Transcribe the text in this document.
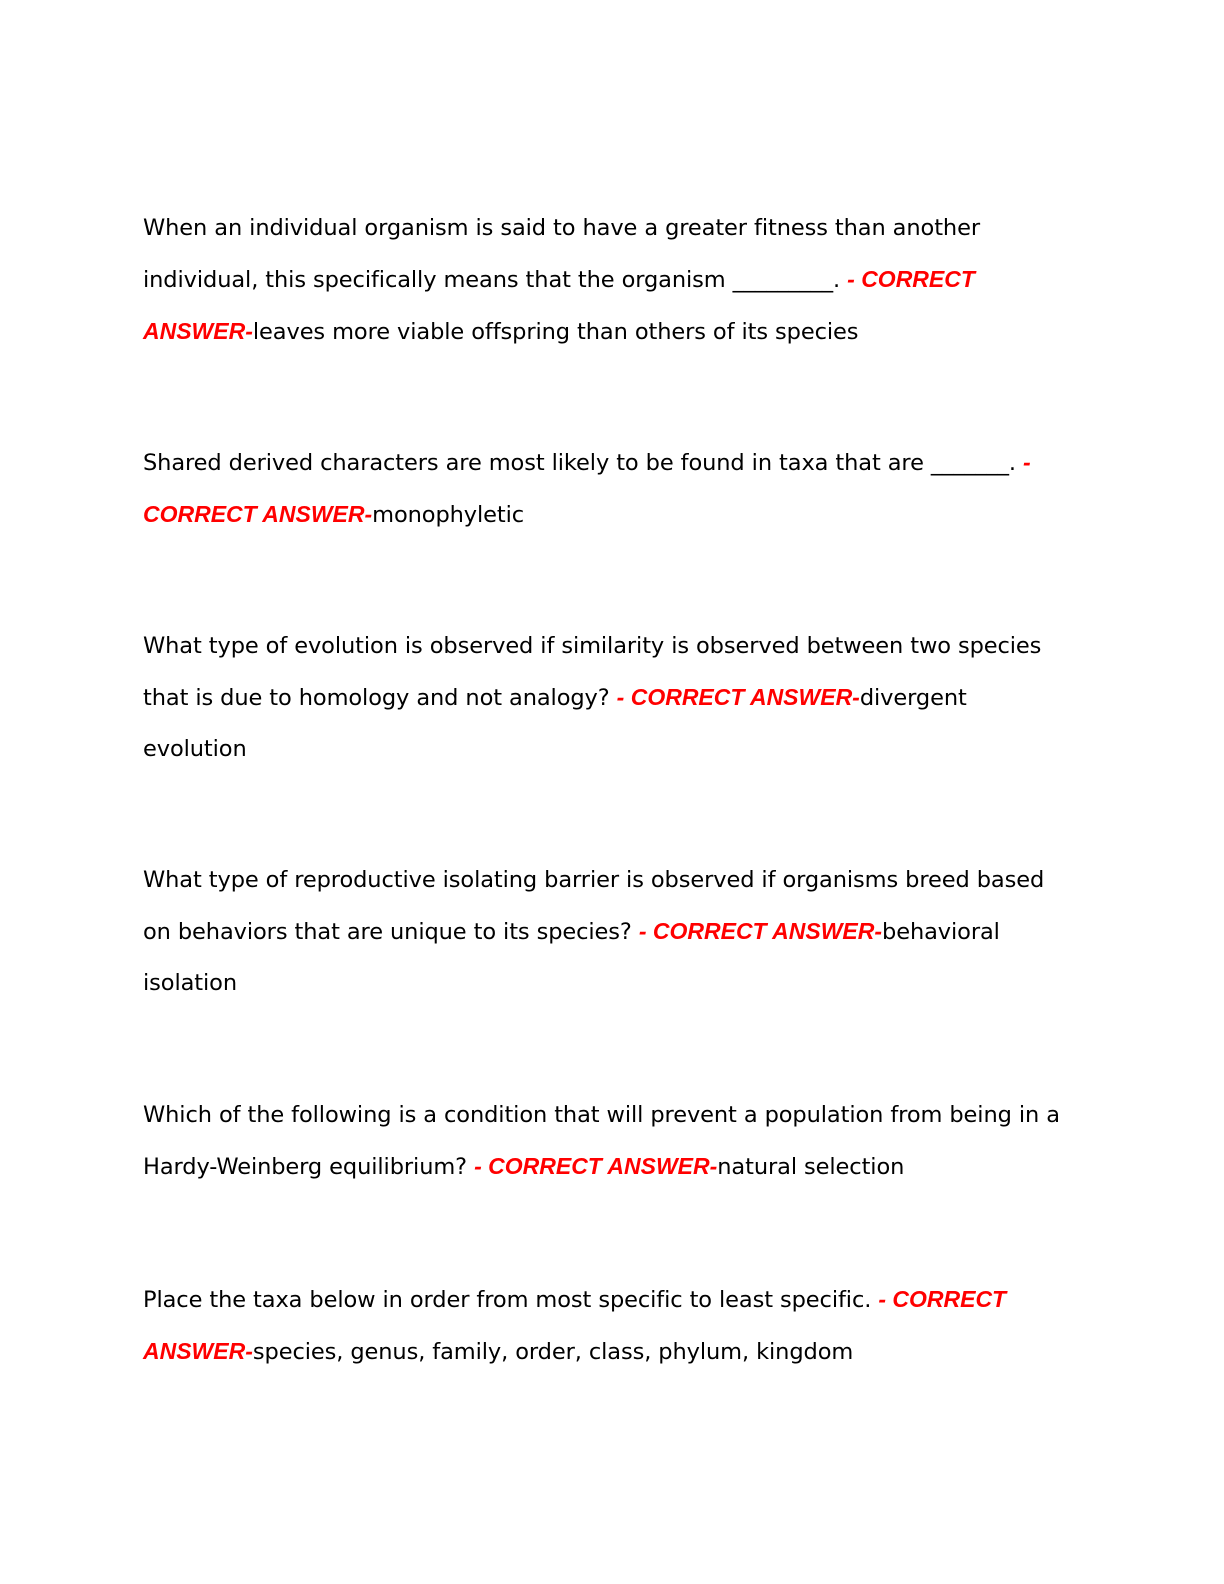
When an individual organism is said to have a greater fitness than another individual, this specifically means that the organism _________. - CORRECT ANSWER-leaves more viable offspring than others of its species

Shared derived characters are most likely to be found in taxa that are _______. - CORRECT ANSWER-monophyletic

What type of evolution is observed if similarity is observed between two species that is due to homology and not analogy? - CORRECT ANSWER-divergent evolution

What type of reproductive isolating barrier is observed if organisms breed based on behaviors that are unique to its species? - CORRECT ANSWER-behavioral isolation

Which of the following is a condition that will prevent a population from being in a Hardy-Weinberg equilibrium? - CORRECT ANSWER-natural selection

Place the taxa below in order from most specific to least specific. - CORRECT ANSWER-species, genus, family, order, class, phylum, kingdom
